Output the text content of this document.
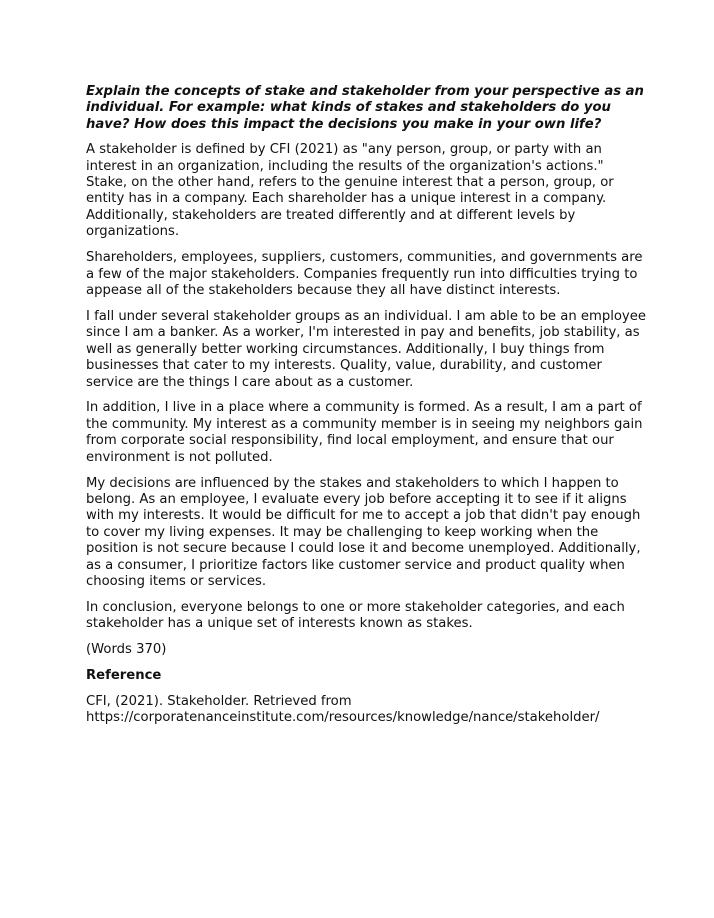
Explain the concepts of stake and stakeholder from your perspective as an
individual. For example: what kinds of stakes and stakeholders do you
have? How does this impact the decisions you make in your own life?

A stakeholder is defined by CFI (2021) as "any person, group, or party with an
interest in an organization, including the results of the organization's actions."
Stake, on the other hand, refers to the genuine interest that a person, group, or
entity has in a company. Each shareholder has a unique interest in a company.
Additionally, stakeholders are treated differently and at different levels by
organizations.

Shareholders, employees, suppliers, customers, communities, and governments are
a few of the major stakeholders. Companies frequently run into difficulties trying to
appease all of the stakeholders because they all have distinct interests.

I fall under several stakeholder groups as an individual. I am able to be an employee
since I am a banker. As a worker, I'm interested in pay and benefits, job stability, as
well as generally better working circumstances. Additionally, I buy things from
businesses that cater to my interests. Quality, value, durability, and customer
service are the things I care about as a customer.

In addition, I live in a place where a community is formed. As a result, I am a part of
the community. My interest as a community member is in seeing my neighbors gain
from corporate social responsibility, find local employment, and ensure that our
environment is not polluted.

My decisions are influenced by the stakes and stakeholders to which I happen to
belong. As an employee, I evaluate every job before accepting it to see if it aligns
with my interests. It would be difficult for me to accept a job that didn't pay enough
to cover my living expenses. It may be challenging to keep working when the
position is not secure because I could lose it and become unemployed. Additionally,
as a consumer, I prioritize factors like customer service and product quality when
choosing items or services.

In conclusion, everyone belongs to one or more stakeholder categories, and each
stakeholder has a unique set of interests known as stakes.

(Words 370)

Reference

CFI, (2021). Stakeholder. Retrieved from
https://corporatenanceinstitute.com/resources/knowledge/nance/stakeholder/
